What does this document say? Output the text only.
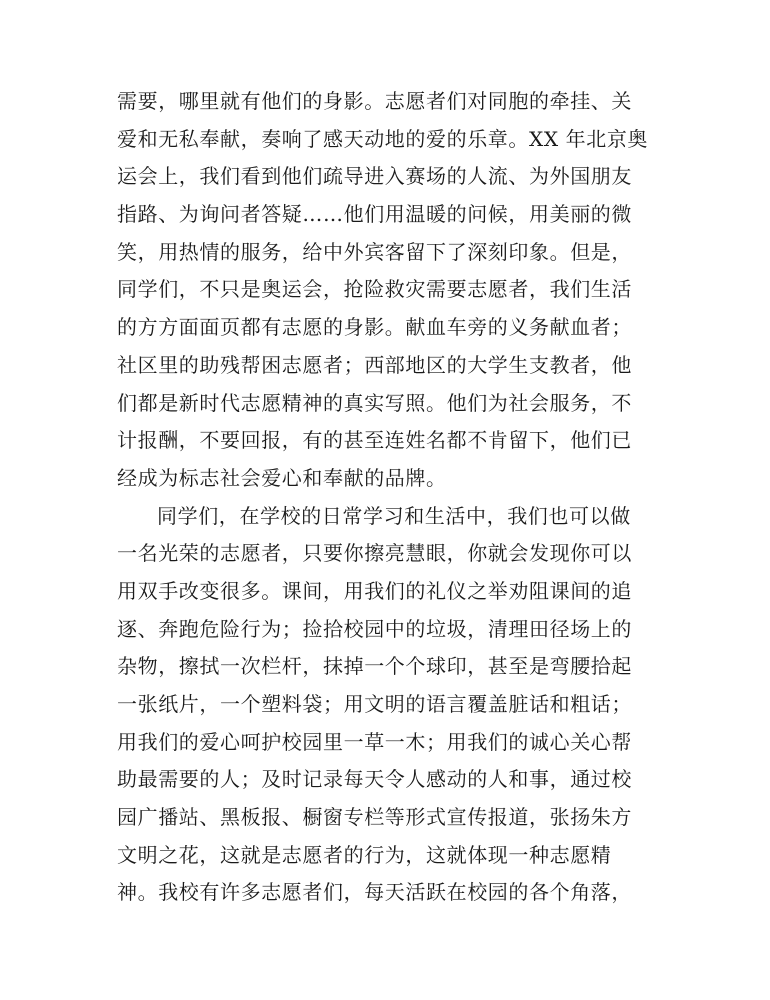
需要，哪里就有他们的身影。志愿者们对同胞的牵挂、关
爱和无私奉献，奏响了感天动地的爱的乐章。XX 年北京奥
运会上，我们看到他们疏导进入赛场的人流、为外国朋友
指路、为询问者答疑……他们用温暖的问候，用美丽的微
笑，用热情的服务，给中外宾客留下了深刻印象。但是，
同学们，不只是奥运会，抢险救灾需要志愿者，我们生活
的方方面面页都有志愿的身影。献血车旁的义务献血者；
社区里的助残帮困志愿者；西部地区的大学生支教者，他
们都是新时代志愿精神的真实写照。他们为社会服务，不
计报酬，不要回报，有的甚至连姓名都不肯留下，他们已
经成为标志社会爱心和奉献的品牌。
同学们，在学校的日常学习和生活中，我们也可以做
一名光荣的志愿者，只要你擦亮慧眼，你就会发现你可以
用双手改变很多。课间，用我们的礼仪之举劝阻课间的追
逐、奔跑危险行为；捡拾校园中的垃圾，清理田径场上的
杂物，擦拭一次栏杆，抹掉一个个球印，甚至是弯腰拾起
一张纸片，一个塑料袋；用文明的语言覆盖脏话和粗话；
用我们的爱心呵护校园里一草一木；用我们的诚心关心帮
助最需要的人；及时记录每天令人感动的人和事，通过校
园广播站、黑板报、橱窗专栏等形式宣传报道，张扬朱方
文明之花，这就是志愿者的行为，这就体现一种志愿精
神。我校有许多志愿者们，每天活跃在校园的各个角落，
